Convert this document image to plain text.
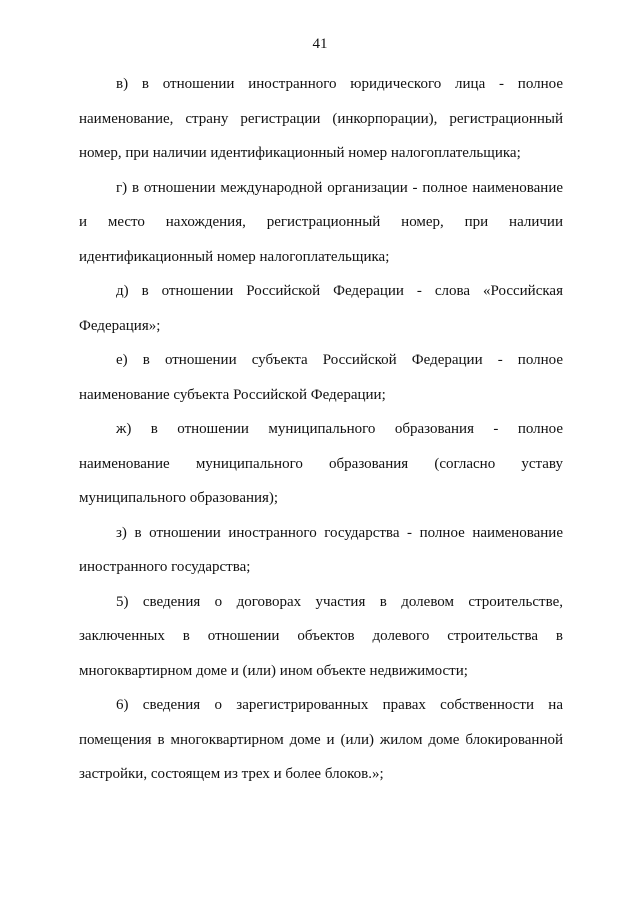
41

в) в отношении иностранного юридического лица - полное наименование, страну регистрации (инкорпорации), регистрационный номер, при наличии идентификационный номер налогоплательщика;

г) в отношении международной организации - полное наименование и место нахождения, регистрационный номер, при наличии идентификационный номер налогоплательщика;

д) в отношении Российской Федерации - слова «Российская Федерация»;

е) в отношении субъекта Российской Федерации - полное наименование субъекта Российской Федерации;

ж) в отношении муниципального образования - полное наименование муниципального образования (согласно уставу муниципального образования);

з) в отношении иностранного государства - полное наименование иностранного государства;

5) сведения о договорах участия в долевом строительстве, заключенных в отношении объектов долевого строительства в многоквартирном доме и (или) ином объекте недвижимости;

6) сведения о зарегистрированных правах собственности на помещения в многоквартирном доме и (или) жилом доме блокированной застройки, состоящем из трех и более блоков.»;
